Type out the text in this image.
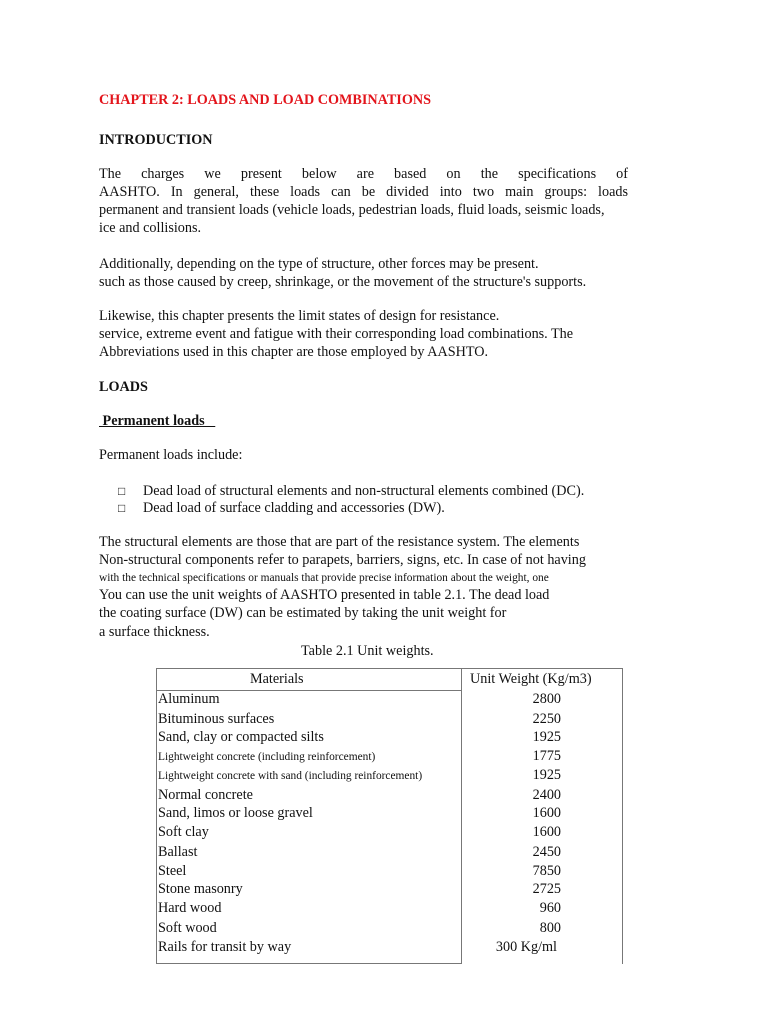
CHAPTER 2: LOADS AND LOAD COMBINATIONS
INTRODUCTION
The charges we present below are based on the specifications of
AASHTO. In general, these loads can be divided into two main groups: loads
permanent and transient loads (vehicle loads, pedestrian loads, fluid loads, seismic loads,
ice and collisions.
Additionally, depending on the type of structure, other forces may be present.
such as those caused by creep, shrinkage, or the movement of the structure's supports.
Likewise, this chapter presents the limit states of design for resistance.
service, extreme event and fatigue with their corresponding load combinations. The
Abbreviations used in this chapter are those employed by AASHTO.
LOADS
Permanent loads
Permanent loads include:
□ Dead load of structural elements and non-structural elements combined (DC).
□ Dead load of surface cladding and accessories (DW).
The structural elements are those that are part of the resistance system. The elements
Non-structural components refer to parapets, barriers, signs, etc. In case of not having
with the technical specifications or manuals that provide precise information about the weight, one
You can use the unit weights of AASHTO presented in table 2.1. The dead load
the coating surface (DW) can be estimated by taking the unit weight for
a surface thickness.
Table 2.1 Unit weights.
Materials	Unit Weight (Kg/m3)
Aluminum	2800
Bituminous surfaces	2250
Sand, clay or compacted silts	1925
Lightweight concrete (including reinforcement)	1775
Lightweight concrete with sand (including reinforcement)	1925
Normal concrete	2400
Sand, limos or loose gravel	1600
Soft clay	1600
Ballast	2450
Steel	7850
Stone masonry	2725
Hard wood	960
Soft wood	800
Rails for transit by way	300 Kg/ml
